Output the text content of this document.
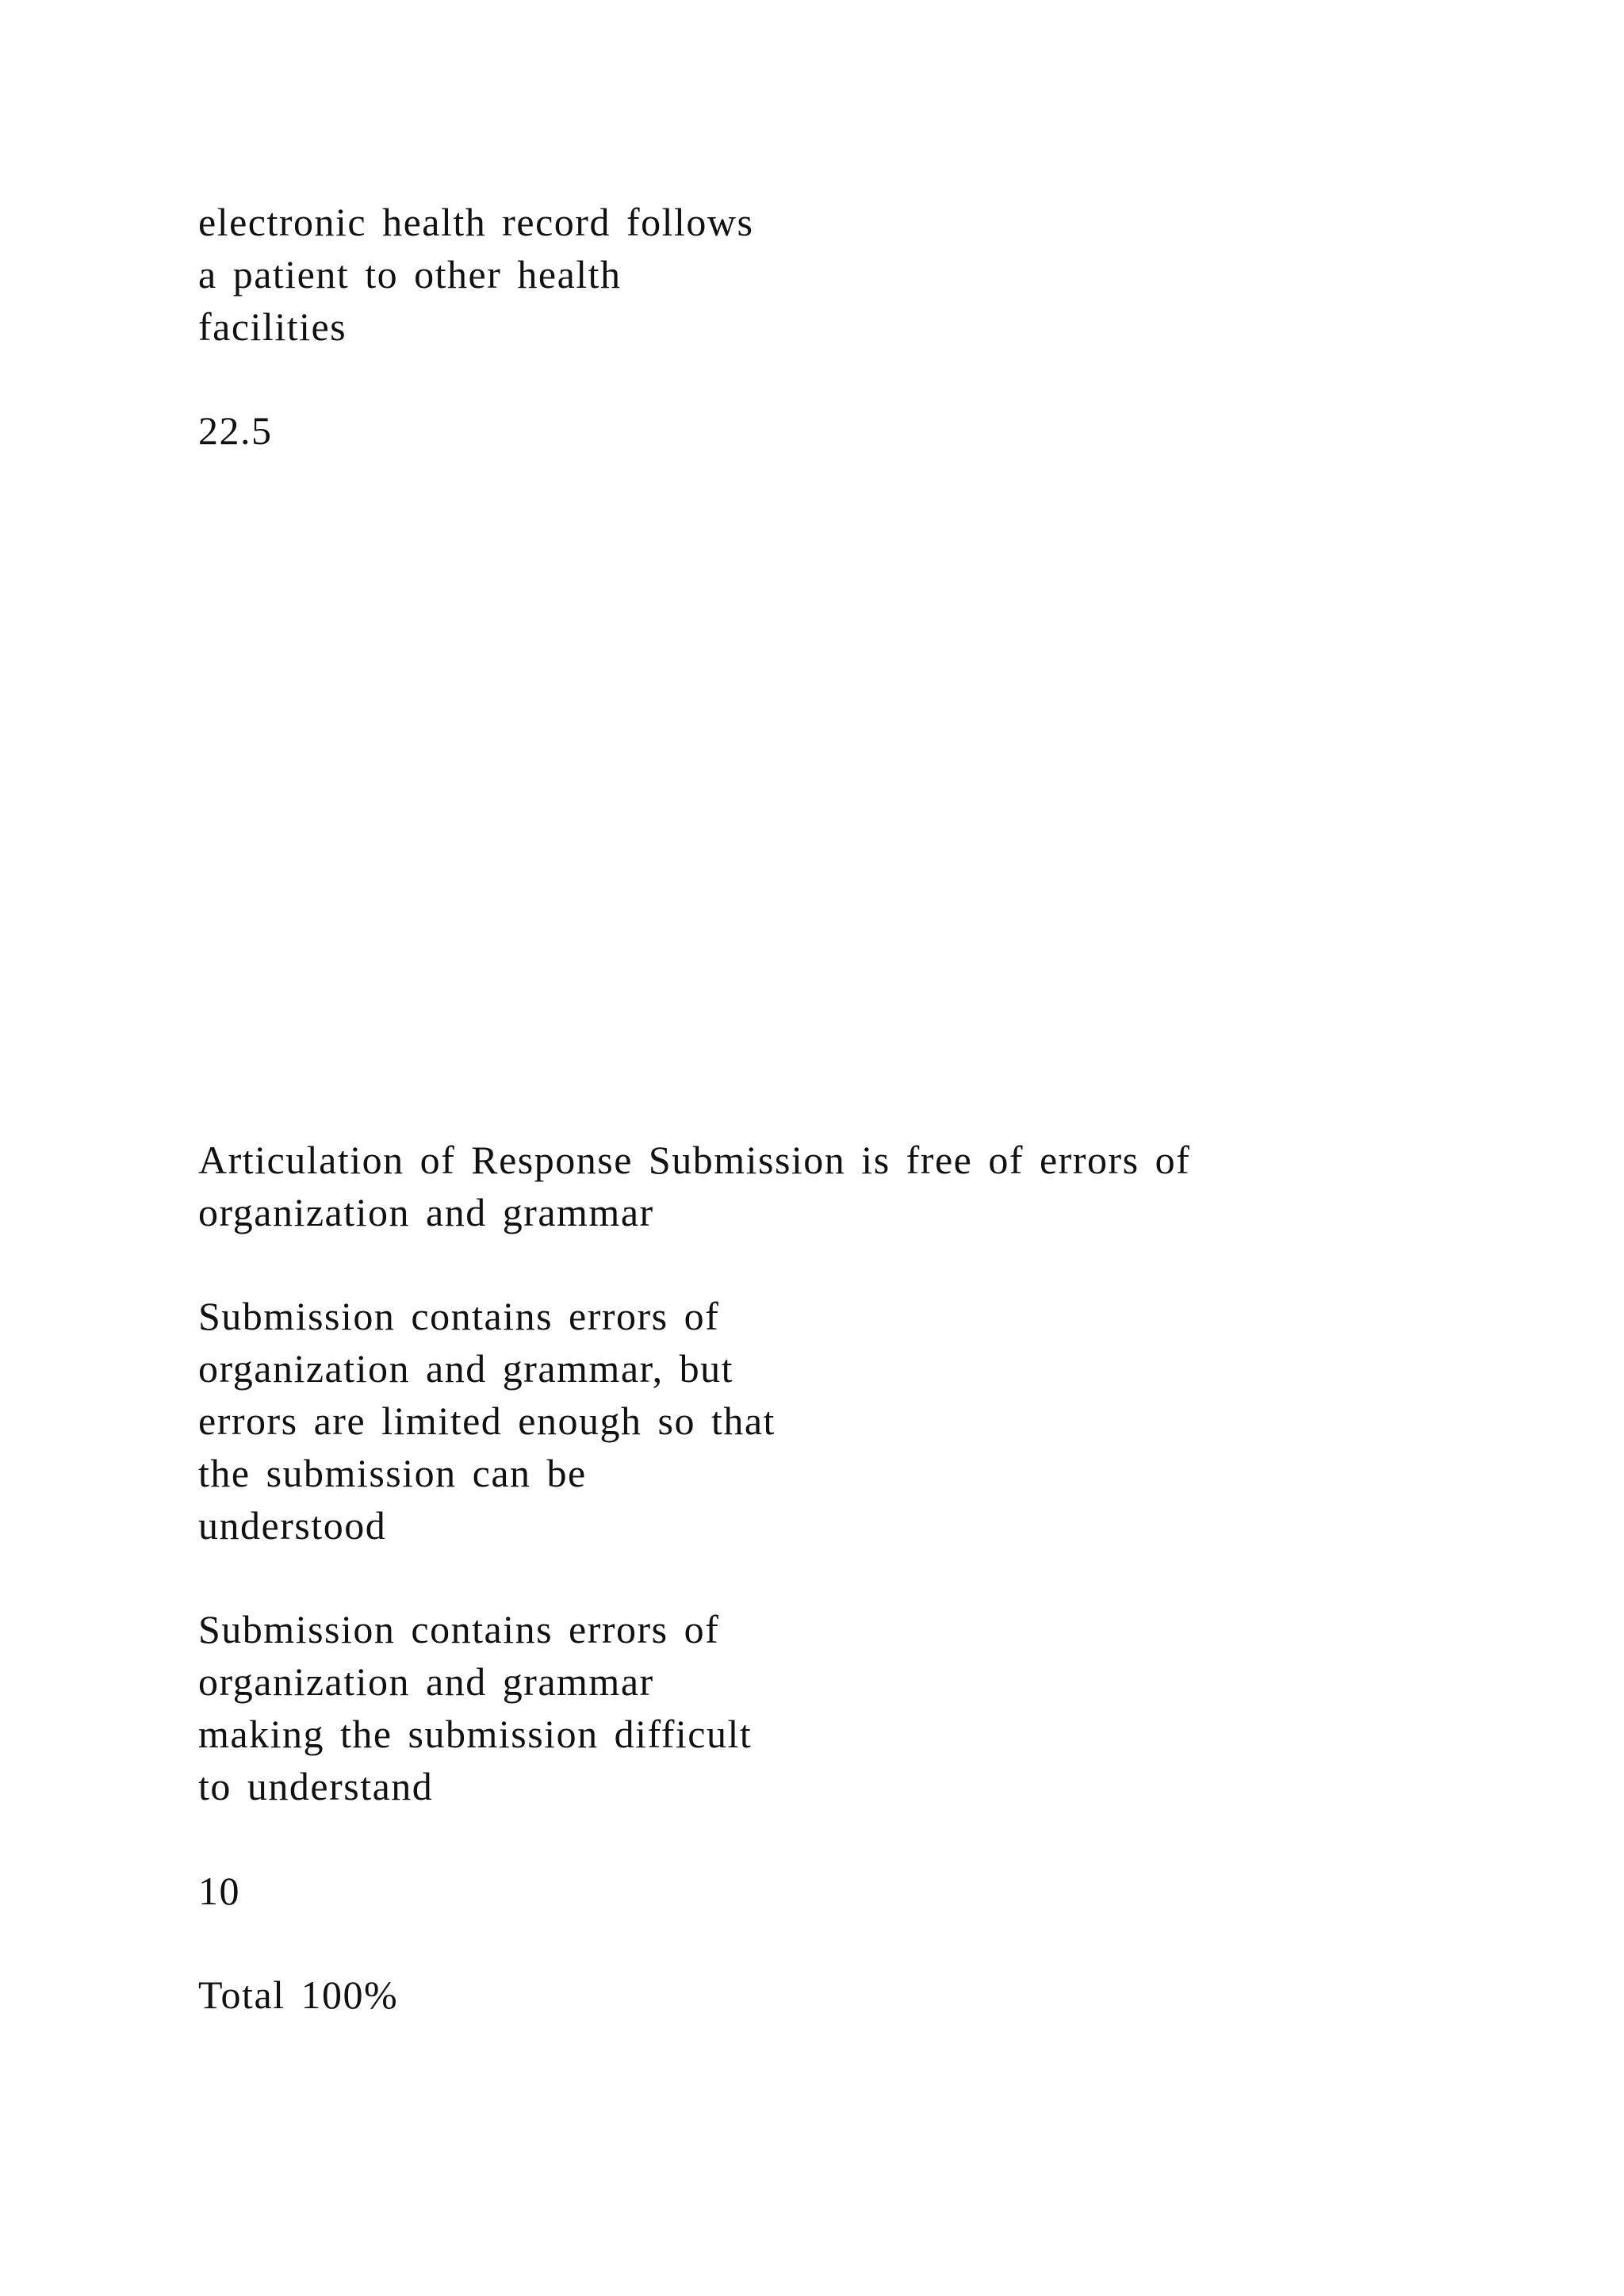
electronic health record follows
a patient to other health
facilities

22.5

Articulation of Response Submission is free of errors of
organization and grammar

Submission contains errors of
organization and grammar, but
errors are limited enough so that
the submission can be
understood

Submission contains errors of
organization and grammar
making the submission difficult
to understand

10

Total 100%
